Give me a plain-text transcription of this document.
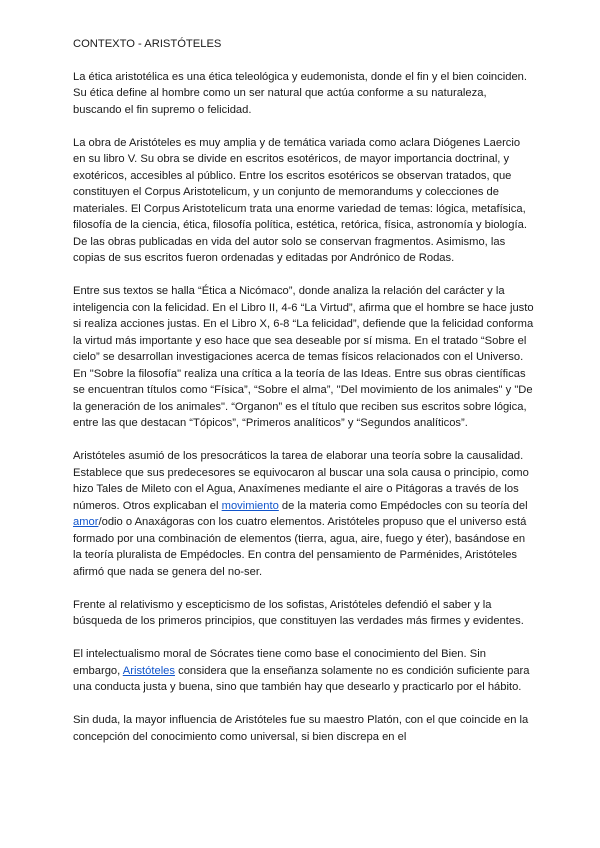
CONTEXTO - ARISTÓTELES

La ética aristotélica es una ética teleológica y eudemonista, donde el fin y el bien coinciden. Su ética define al hombre como un ser natural que actúa conforme a su naturaleza, buscando el fin supremo o felicidad.

La obra de Aristóteles es muy amplia y de temática variada como aclara Diógenes Laercio en su libro V. Su obra se divide en escritos esotéricos, de mayor importancia doctrinal, y exotéricos, accesibles al público. Entre los escritos esotéricos se observan tratados, que constituyen el Corpus Aristotelicum, y un conjunto de memorandums y colecciones de materiales. El Corpus Aristotelicum trata una enorme variedad de temas: lógica, metafísica, filosofía de la ciencia, ética, filosofía política, estética, retórica, física, astronomía y biología. De las obras publicadas en vida del autor solo se conservan fragmentos. Asimismo, las copias de sus escritos fueron ordenadas y editadas por Andrónico de Rodas.

Entre sus textos se halla “Ética a Nicómaco”, donde analiza la relación del carácter y la inteligencia con la felicidad. En el Libro II, 4-6 “La Virtud”, afirma que el hombre se hace justo si realiza acciones justas. En el Libro X, 6-8 “La felicidad”, defiende que la felicidad conforma la virtud más importante y eso hace que sea deseable por sí misma. En el tratado “Sobre el cielo” se desarrollan investigaciones acerca de temas físicos relacionados con el Universo. En "Sobre la filosofía" realiza una crítica a la teoría de las Ideas. Entre sus obras científicas se encuentran títulos como “Física”, “Sobre el alma”, "Del movimiento de los animales" y "De la generación de los animales". “Organon” es el título que reciben sus escritos sobre lógica, entre las que destacan “Tópicos”, “Primeros analíticos” y “Segundos analíticos”.

Aristóteles asumió de los presocráticos la tarea de elaborar una teoría sobre la causalidad. Establece que sus predecesores se equivocaron al buscar una sola causa o principio, como hizo Tales de Mileto con el Agua, Anaxímenes mediante el aire o Pitágoras a través de los números. Otros explicaban el movimiento de la materia como Empédocles con su teoría del amor/odio o Anaxágoras con los cuatro elementos. Aristóteles propuso que el universo está formado por una combinación de elementos (tierra, agua, aire, fuego y éter), basándose en la teoría pluralista de Empédocles. En contra del pensamiento de Parménides, Aristóteles afirmó que nada se genera del no-ser.

Frente al relativismo y escepticismo de los sofistas, Aristóteles defendió el saber y la búsqueda de los primeros principios, que constituyen las verdades más firmes y evidentes.

El intelectualismo moral de Sócrates tiene como base el conocimiento del Bien. Sin embargo, Aristóteles considera que la enseñanza solamente no es condición suficiente para una conducta justa y buena, sino que también hay que desearlo y practicarlo por el hábito.

Sin duda, la mayor influencia de Aristóteles fue su maestro Platón, con el que coincide en la concepción del conocimiento como universal, si bien discrepa en el
